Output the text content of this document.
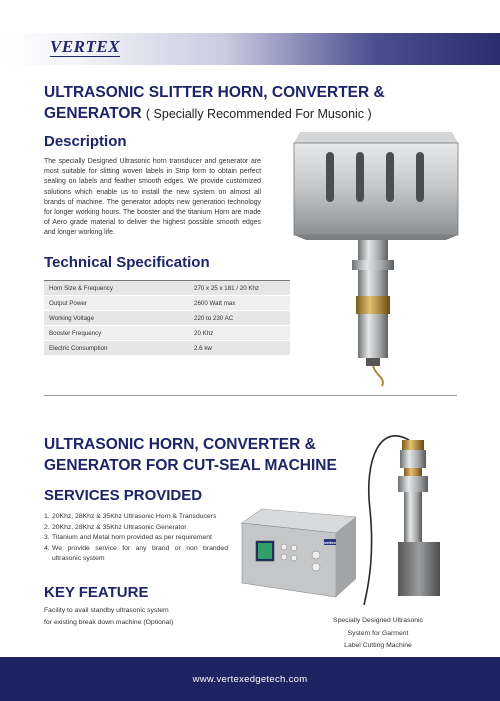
VERTEX
ULTRASONIC SLITTER HORN, CONVERTER & GENERATOR ( Specially Recommended For Musonic )
Description
The specially Designed Ultrasonic horn transducer and generator are most suitable for slitting woven labels in Strip form to obtain perfect sealing on labels and feather smooth edges. We provide customized solutions which enable us to install the new system on almost all brands of machine. The generator adopts new generation technology for longer working hours. The booster and the titanium Horn are made of Aero grade material to deliver the highest possible smooth edges and longer working life.
Technical Specification
Horn Size & Frequency	270 x 25 x 181 / 20 Khz
Output Power	2600 Watt max
Working Voltage	220 to 230 AC
Booster Frequency	20 Khz
Electric Consumption	2.6 kw
ULTRASONIC HORN, CONVERTER & GENERATOR FOR CUT-SEAL MACHINE
SERVICES PROVIDED
1. 20Khz, 28Khz & 35Khz Ultrasonic Horn & Transducers
2. 20Khz, 28Khz & 35Khz Ultrasonic Generator
3. Titanium and Metal horn provided as per requirement
4. We provide service for any brand or non branded ultrasonic system
KEY FEATURE
Facility to avail standby ultrasonic system
for existing break down machine (Optional)
vertex
Specially Designed Ultrasonic
System for Garment
Label Cutting Machine
www.vertexedgetech.com
